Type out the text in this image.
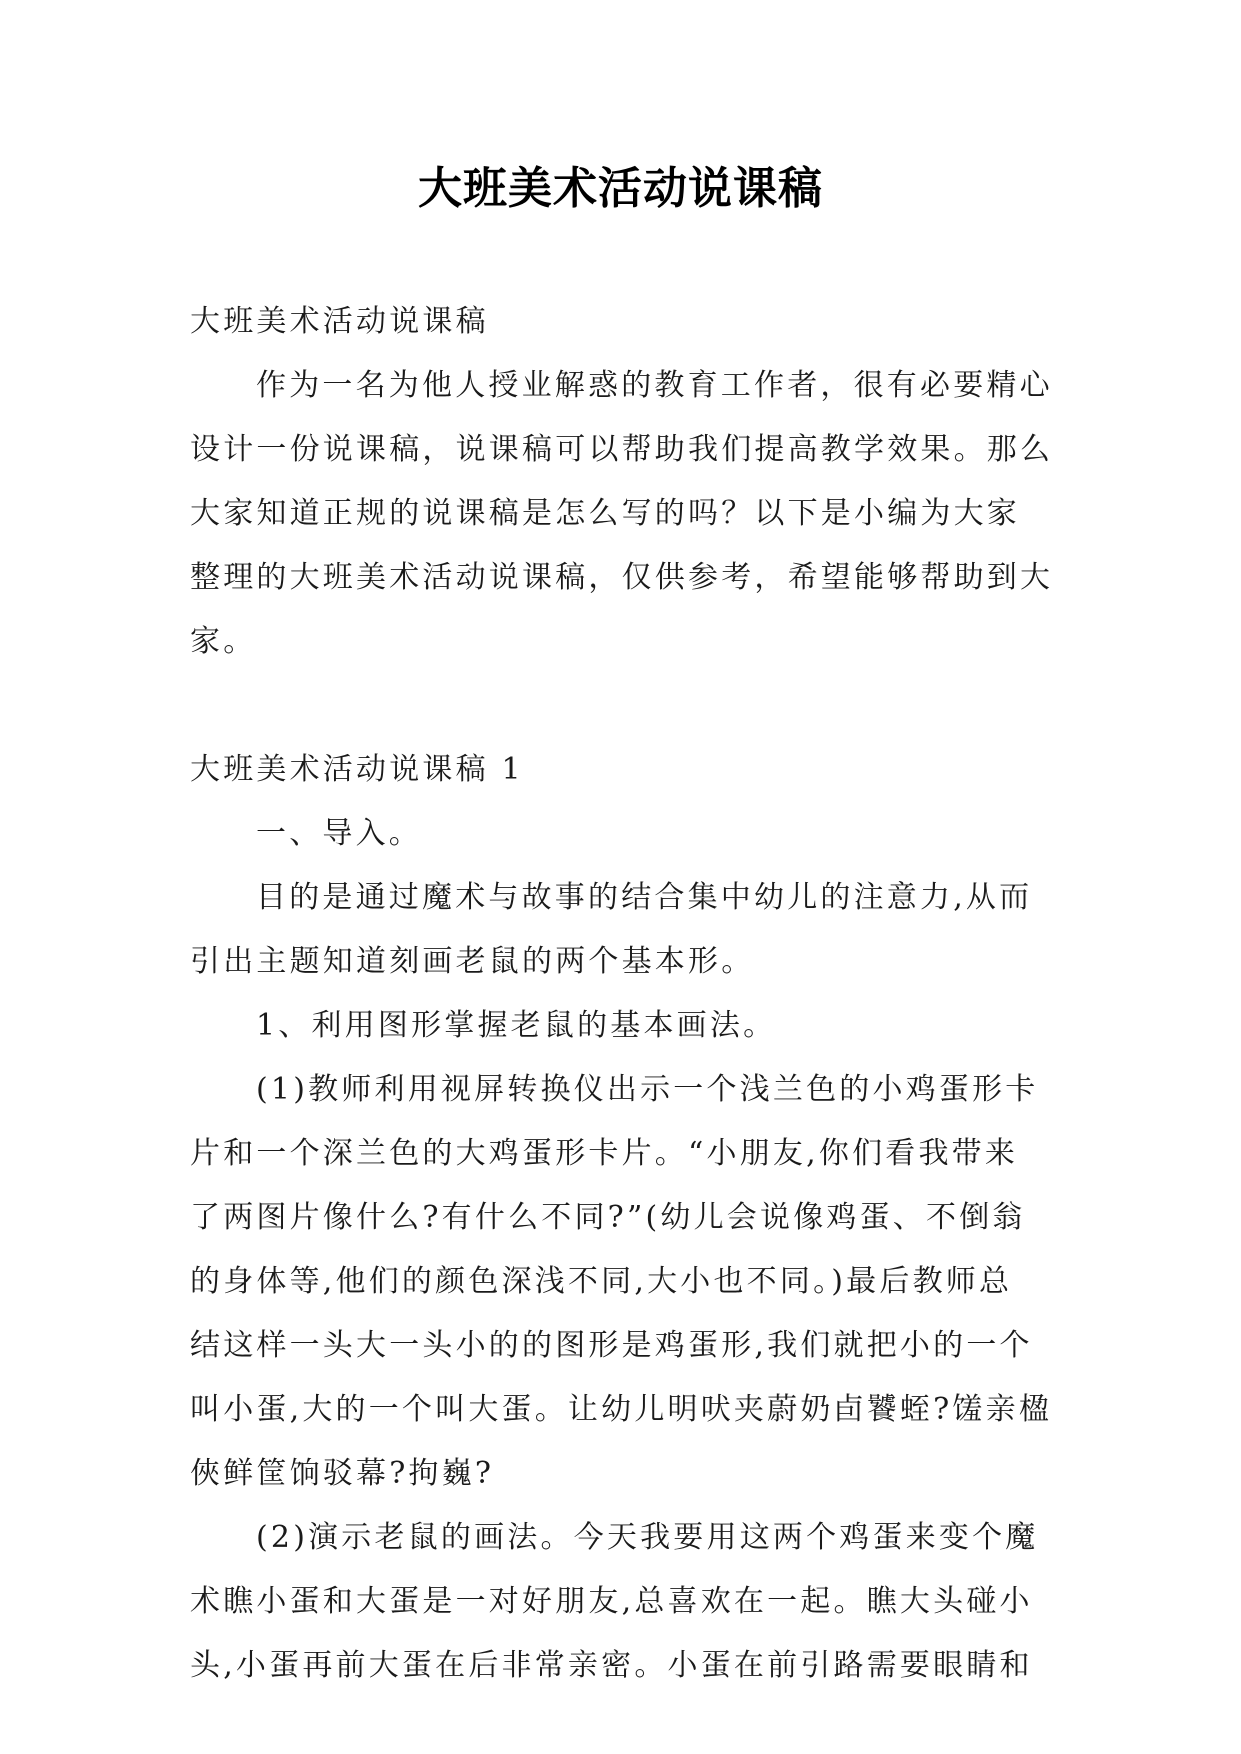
大班美术活动说课稿
大班美术活动说课稿
作为一名为他人授业解惑的教育工作者，很有必要精心
设计一份说课稿，说课稿可以帮助我们提高教学效果。那么
大家知道正规的说课稿是怎么写的吗？以下是小编为大家
整理的大班美术活动说课稿，仅供参考，希望能够帮助到大
家。
大班美术活动说课稿 1
一、导入。
目的是通过魔术与故事的结合集中幼儿的注意力,从而
引出主题知道刻画老鼠的两个基本形。
1、利用图形掌握老鼠的基本画法。
(1)教师利用视屏转换仪出示一个浅兰色的小鸡蛋形卡
片和一个深兰色的大鸡蛋形卡片。“小朋友,你们看我带来
了两图片像什么?有什么不同?”(幼儿会说像鸡蛋、不倒翁
的身体等,他们的颜色深浅不同,大小也不同。)最后教师总
结这样一头大一头小的的图形是鸡蛋形,我们就把小的一个
叫小蛋,大的一个叫大蛋。让幼儿明吠夹蔚奶卣饕蛭?馐亲楹
俠鲜筐饷驳幕?拘巍?
(2)演示老鼠的画法。今天我要用这两个鸡蛋来变个魔
术瞧小蛋和大蛋是一对好朋友,总喜欢在一起。瞧大头碰小
头,小蛋再前大蛋在后非常亲密。小蛋在前引路需要眼睛和
